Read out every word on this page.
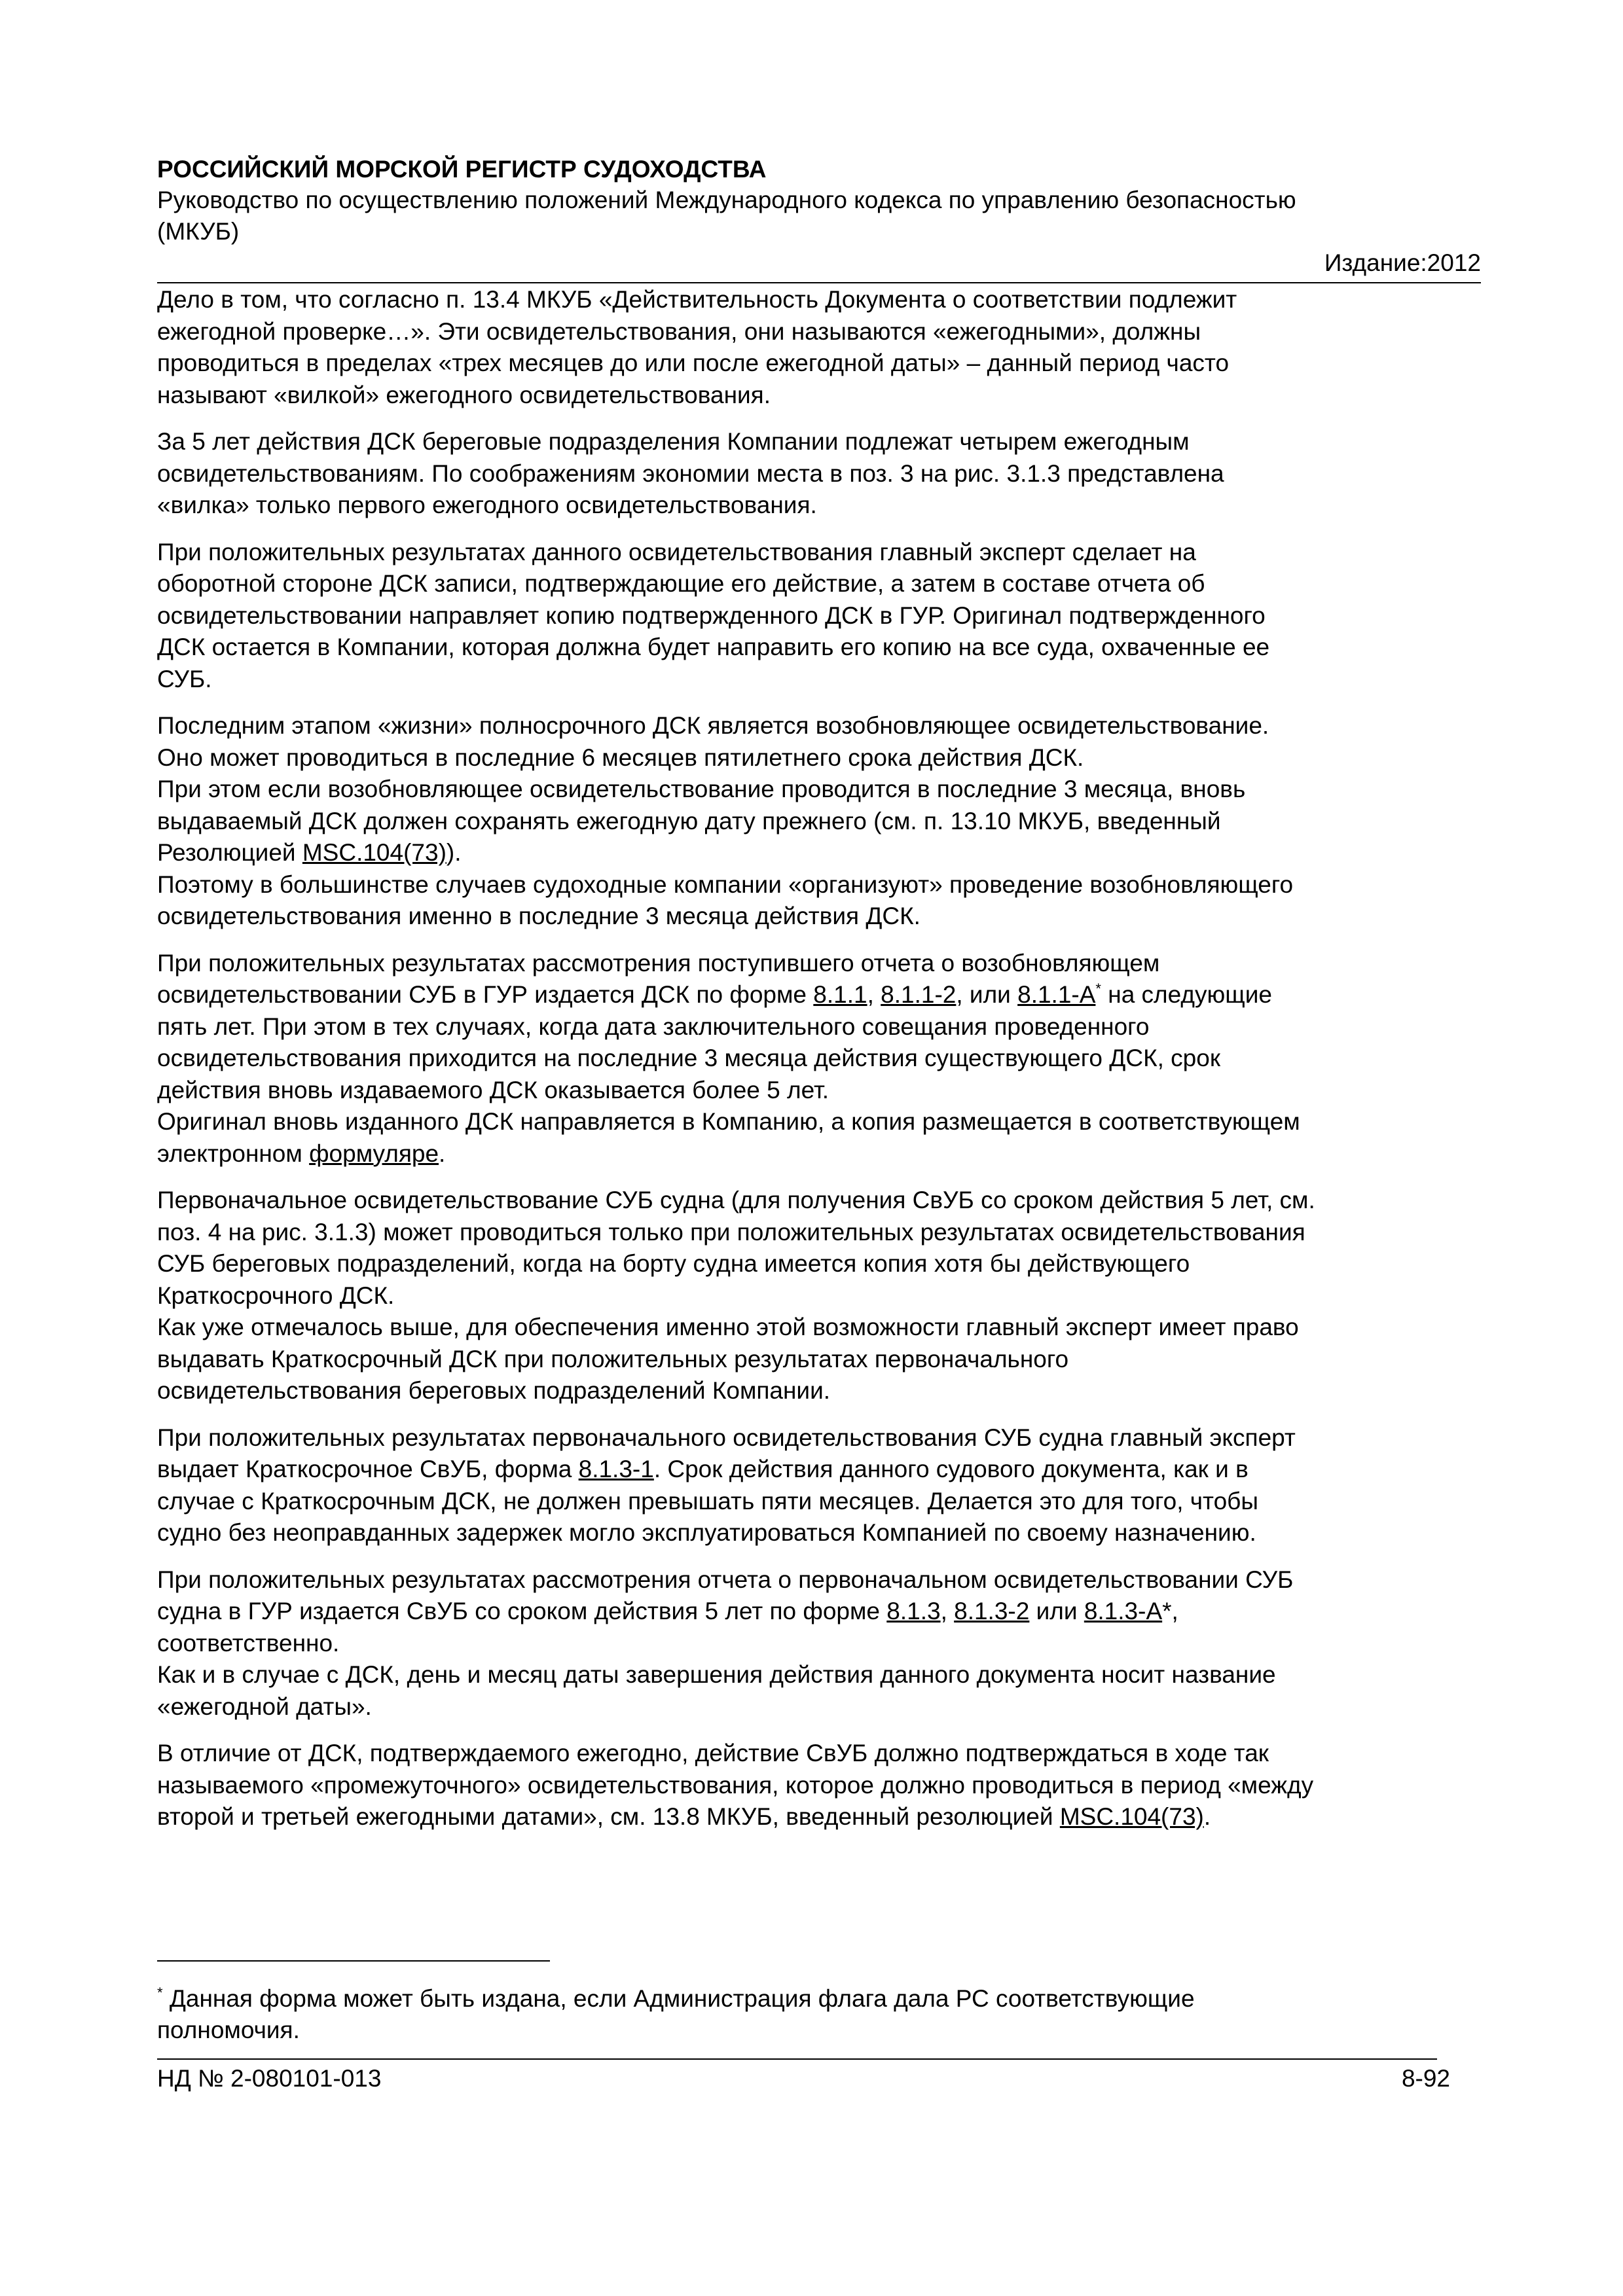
РОССИЙСКИЙ МОРСКОЙ РЕГИСТР СУДОХОДСТВА
Руководство по осуществлению положений Международного кодекса по управлению безопасностью
(МКУБ)
Издание:2012

Дело в том, что согласно п. 13.4 МКУБ «Действительность Документа о соответствии подлежит
ежегодной проверке…». Эти освидетельствования, они называются «ежегодными», должны
проводиться в пределах «трех месяцев до или после ежегодной даты» – данный период часто
называют «вилкой» ежегодного освидетельствования.

За 5 лет действия ДСК береговые подразделения Компании подлежат четырем ежегодным
освидетельствованиям. По соображениям экономии места в поз. 3 на рис. 3.1.3 представлена
«вилка» только первого ежегодного освидетельствования.

При положительных результатах данного освидетельствования главный эксперт сделает на
оборотной стороне ДСК записи, подтверждающие его действие, а затем в составе отчета об
освидетельствовании направляет копию подтвержденного ДСК в ГУР. Оригинал подтвержденного
ДСК остается в Компании, которая должна будет направить его копию на все суда, охваченные ее
СУБ.

Последним этапом «жизни» полносрочного ДСК является возобновляющее освидетельствование.
Оно может проводиться в последние 6 месяцев пятилетнего срока действия ДСК.
При этом если возобновляющее освидетельствование проводится в последние 3 месяца, вновь
выдаваемый ДСК должен сохранять ежегодную дату прежнего (см. п. 13.10 МКУБ, введенный
Резолюцией MSC.104(73)).
Поэтому в большинстве случаев судоходные компании «организуют» проведение возобновляющего
освидетельствования именно в последние 3 месяца действия ДСК.

При положительных результатах рассмотрения поступившего отчета о возобновляющем
освидетельствовании СУБ в ГУР издается ДСК по форме 8.1.1, 8.1.1-2, или 8.1.1-А* на следующие
пять лет. При этом в тех случаях, когда дата заключительного совещания проведенного
освидетельствования приходится на последние 3 месяца действия существующего ДСК, срок
действия вновь издаваемого ДСК оказывается более 5 лет.
Оригинал вновь изданного ДСК направляется в Компанию, а копия размещается в соответствующем
электронном формуляре.

Первоначальное освидетельствование СУБ судна (для получения СвУБ со сроком действия 5 лет, см.
поз. 4 на рис. 3.1.3) может проводиться только при положительных результатах освидетельствования
СУБ береговых подразделений, когда на борту судна имеется копия хотя бы действующего
Краткосрочного ДСК.
Как уже отмечалось выше, для обеспечения именно этой возможности главный эксперт имеет право
выдавать Краткосрочный ДСК при положительных результатах первоначального
освидетельствования береговых подразделений Компании.

При положительных результатах первоначального освидетельствования СУБ судна главный эксперт
выдает Краткосрочное СвУБ, форма 8.1.3-1. Срок действия данного судового документа, как и в
случае с Краткосрочным ДСК, не должен превышать пяти месяцев. Делается это для того, чтобы
судно без неоправданных задержек могло эксплуатироваться Компанией по своему назначению.

При положительных результатах рассмотрения отчета о первоначальном освидетельствовании СУБ
судна в ГУР издается СвУБ со сроком действия 5 лет по форме 8.1.3, 8.1.3-2 или 8.1.3-А*,
соответственно.
Как и в случае с ДСК, день и месяц даты завершения действия данного документа носит название
«ежегодной даты».

В отличие от ДСК, подтверждаемого ежегодно, действие СвУБ должно подтверждаться в ходе так
называемого «промежуточного» освидетельствования, которое должно проводиться в период «между
второй и третьей ежегодными датами», см. 13.8 МКУБ, введенный резолюцией MSC.104(73).

* Данная форма может быть издана, если Администрация флага дала РС соответствующие
полномочия.
НД № 2-080101-013	8-92
